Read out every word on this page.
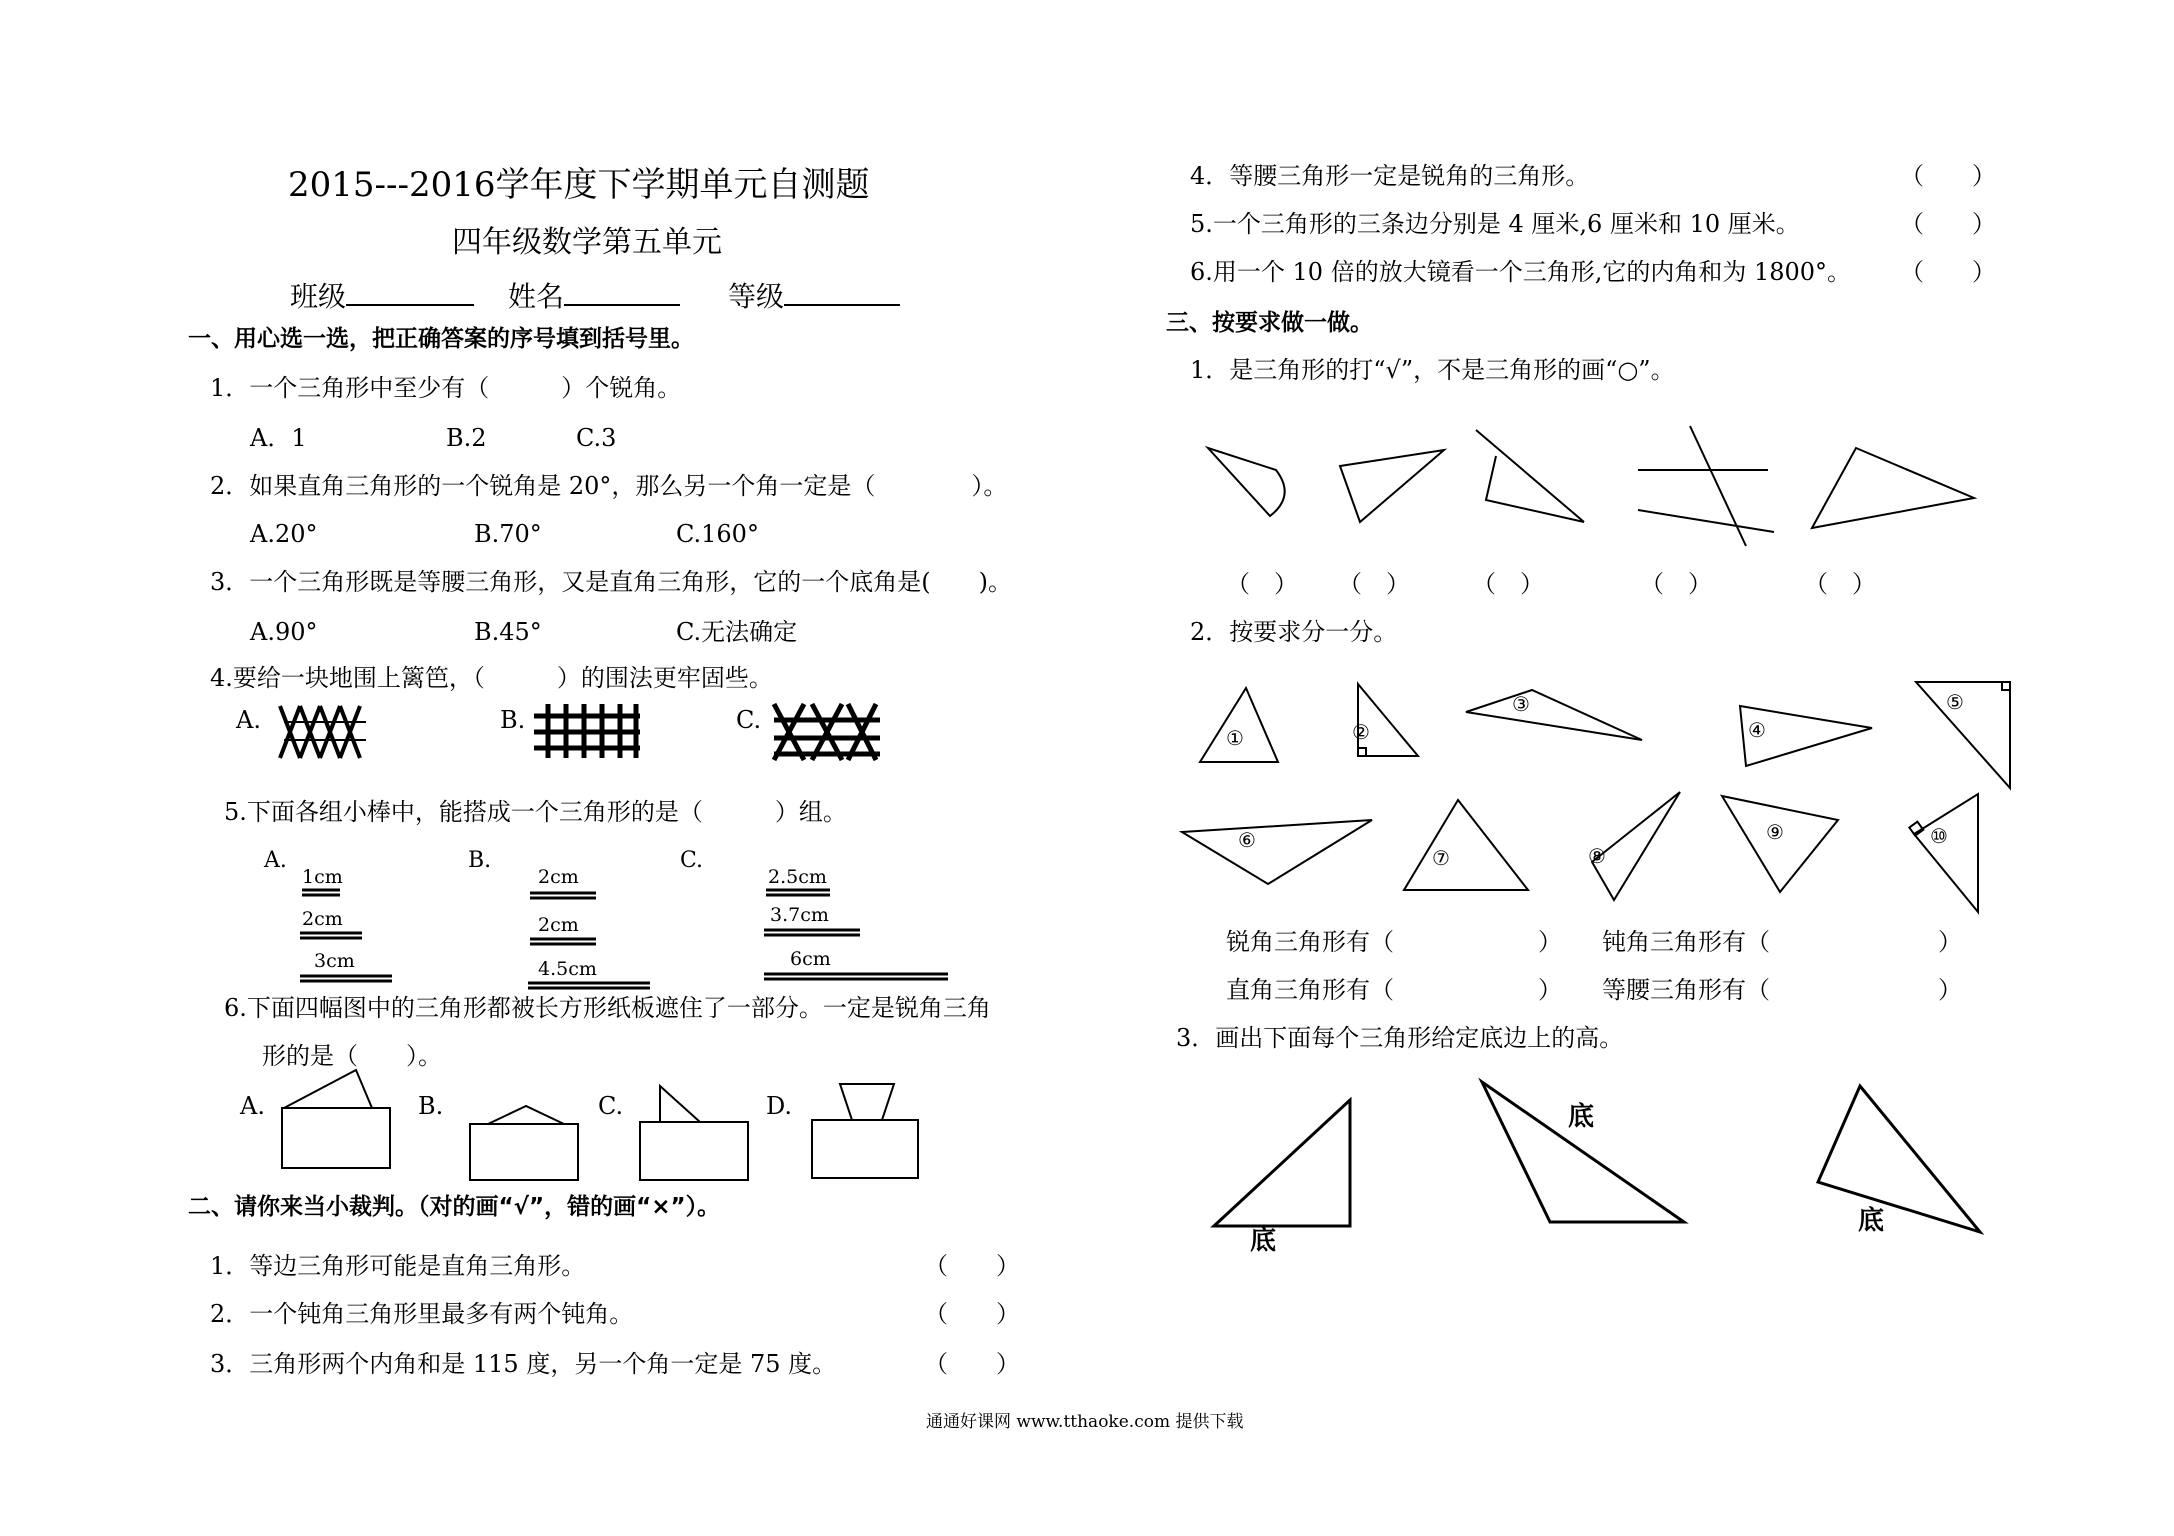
2015---2016学年度下学期单元自测题
四年级数学第五单元
班级	姓名	等级
一、用心选一选，把正确答案的序号填到括号里。
1．一个三角形中至少有（　　　）个锐角。
A．1	B.2	C.3
2．如果直角三角形的一个锐角是 20°，那么另一个角一定是（　　　　）。
A.20°	B.70°	C.160°
3．一个三角形既是等腰三角形，又是直角三角形，它的一个底角是(　　)。
A.90°	B.45°	C.无法确定
4.要给一块地围上篱笆，（　　　）的围法更牢固些。
A.	B.	C.
5.下面各组小棒中，能搭成一个三角形的是（　　　）组。
A.	B.	C.
1cm
2cm
3cm
2cm
2cm
4.5cm
2.5cm
3.7cm
6cm
6.下面四幅图中的三角形都被长方形纸板遮住了一部分。一定是锐角三角
形的是（　　）。
A.	B.	C.	D.
二、请你来当小裁判。（对的画“√”，错的画“×”）。
1．等边三角形可能是直角三角形。	（　　）
2．一个钝角三角形里最多有两个钝角。	（　　）
3．三角形两个内角和是 115 度，另一个角一定是 75 度。	（　　）
4．等腰三角形一定是锐角的三角形。	（　　）
5.一个三角形的三条边分别是 4 厘米,6 厘米和 10 厘米。	（　　）
6.用一个 10 倍的放大镜看一个三角形,它的内角和为 1800°。 （　　）
三、按要求做一做。
1．是三角形的打“√”，不是三角形的画“○”。
（　） （　）	（　）	（　）	（　）
2．按要求分一分。
①	②
③
④
⑤
⑥
⑦	⑧
⑨	⑩
锐角三角形有（　　　　　　） 钝角三角形有（　　　　　　　）
直角三角形有（　　　　　　） 等腰三角形有（　　　　　　　）
3．画出下面每个三角形给定底边上的高。
底
底
底
通通好课网 www.tthaoke.com 提供下载
